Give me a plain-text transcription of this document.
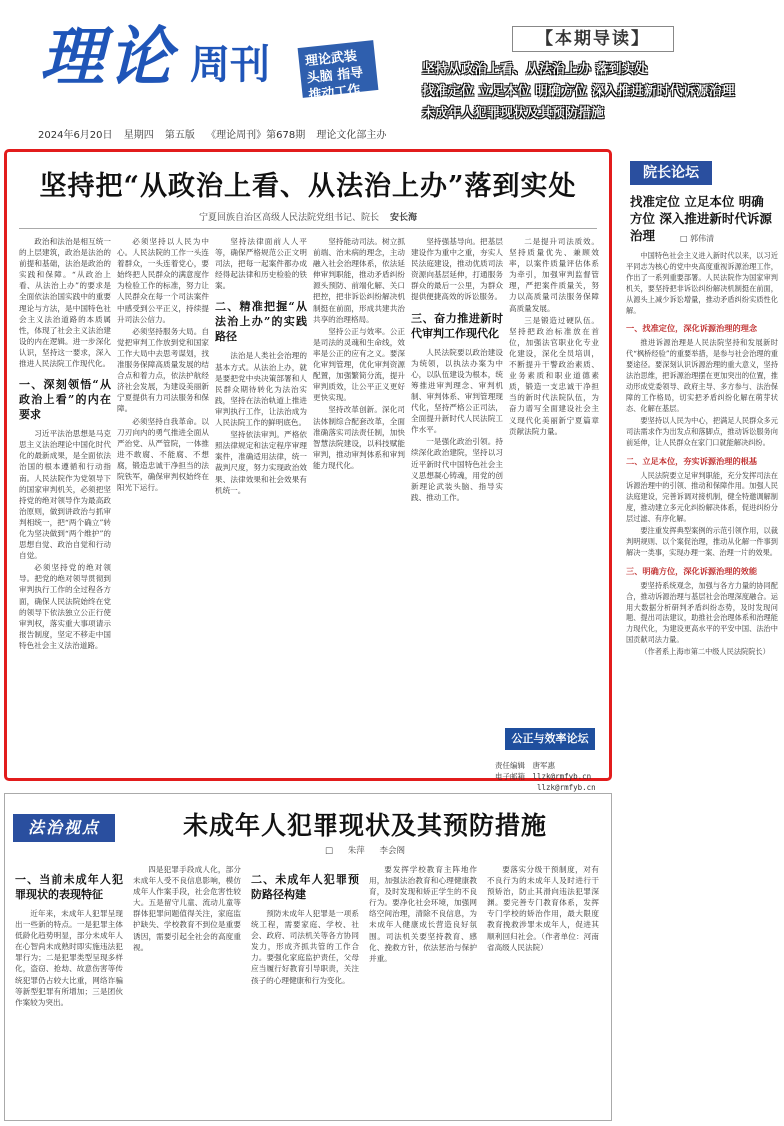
理论 周刊	理论武装头脑 指导推动工作
2024年6月20日 星期四 第五版 《理论周刊》第678期 理论文化部主办
【本期导读】
坚持从政治上看、从法治上办 落到实处
找准定位 立足本位 明确方位 深入推进新时代诉源治理
未成年人犯罪现状及其预防措施
坚持把“从政治上看、从法治上办”落到实处
宁夏回族自治区高级人民法院党组书记、院长 安长海

政治和法治是相互统一的上层建筑，政治是法治的前提和基础，法治是政治的实践和保障。“从政治上看、从法治上办”的要求是全面依法治国实践中的重要理论与方法，是中国特色社会主义法治道路的本质属性，体现了社会主义法治建设的内在逻辑。进一步深化认识，坚持这一要求，深入推进人民法院工作现代化。

一、深刻领悟“从政治上看”的内在要求

习近平法治思想是马克思主义法治理论中国化时代化的最新成果，是全面依法治国的根本遵循和行动指南。人民法院作为党领导下的国家审判机关，必须把坚持党的绝对领导作为最高政治原则，做到讲政治与抓审判相统一，把“两个确立”转化为坚决做到“两个维护”的思想自觉、政治自觉和行动自觉。

必须坚持党的绝对领导。把党的绝对领导贯彻到审判执行工作的全过程各方面，确保人民法院始终在党的领导下依法独立公正行使审判权，落实重大事项请示报告制度，坚定不移走中国特色社会主义法治道路。

必须坚持以人民为中心。人民法院的工作一头连着群众，一头连着党心，要始终把人民群众的满意度作为检验工作的标准，努力让人民群众在每一个司法案件中感受到公平正义，持续提升司法公信力。

必须坚持服务大局。自觉把审判工作放到党和国家工作大局中去思考谋划，找准服务保障高质量发展的结合点和着力点，依法护航经济社会发展，为建设美丽新宁夏提供有力司法服务和保障。

必须坚持自我革命。以刀刃向内的勇气推进全面从严治党、从严管院，一体推进不敢腐、不能腐、不想腐，锻造忠诚干净担当的法院铁军，确保审判权始终在阳光下运行。

坚持法律面前人人平等，确保严格规范公正文明司法，把每一起案件都办成经得起法律和历史检验的铁案。

二、精准把握“从法治上办”的实践路径

法治是人类社会治理的基本方式。从法治上办，就是要把党中央决策部署和人民群众期待转化为法治实践，坚持在法治轨道上推进审判执行工作，让法治成为人民法院工作的鲜明底色。

坚持依法审判。严格依照法律规定和法定程序审理案件，准确适用法律，统一裁判尺度，努力实现政治效果、法律效果和社会效果有机统一。

坚持能动司法。树立抓前端、治未病的理念，主动融入社会治理体系，依法延伸审判职能，推动矛盾纠纷源头预防、前端化解、关口把控，把非诉讼纠纷解决机制挺在前面，形成共建共治共享的治理格局。

坚持公正与效率。公正是司法的灵魂和生命线，效率是公正的应有之义。要深化审判管理，优化审判资源配置，加强繁简分流，提升审判质效，让公平正义更好更快实现。

坚持改革创新。深化司法体制综合配套改革，全面准确落实司法责任制，加快智慧法院建设，以科技赋能审判，推动审判体系和审判能力现代化。

坚持强基导向。把基层建设作为重中之重，夯实人民法庭建设，推动优质司法资源向基层延伸，打通服务群众的最后一公里，为群众提供便捷高效的诉讼服务。

三、奋力推进新时代审判工作现代化

人民法院要以政治建设为统领，以执法办案为中心，以队伍建设为根本，统筹推进审判理念、审判机制、审判体系、审判管理现代化，坚持严格公正司法，全面提升新时代人民法院工作水平。

一是强化政治引领。持续深化政治建院，坚持以习近平新时代中国特色社会主义思想凝心铸魂，用党的创新理论武装头脑、指导实践、推动工作。

二是提升司法质效。坚持质量优先、兼顾效率，以案件质量评估体系为牵引，加强审判监督管理，严把案件质量关，努力以高质量司法服务保障高质量发展。

三是锻造过硬队伍。坚持把政治标准放在首位，加强法官职业化专业化建设，深化全员培训，不断提升干警政治素质、业务素质和职业道德素质，锻造一支忠诚干净担当的新时代法院队伍，为奋力谱写全面建设社会主义现代化美丽新宁夏篇章贡献法院力量。

公正与效率论坛
责任编辑　 唐军惠
电子邮箱　 llzk@rmfyb.cn
llzk@rmfyb.cn
院长论坛
找准定位 立足本位 明确方位 深入推进新时代诉源治理	□ 郭伟清

中国特色社会主义进入新时代以来，以习近平同志为核心的党中央高度重视诉源治理工作，作出了一系列重要部署。人民法院作为国家审判机关，要坚持把非诉讼纠纷解决机制挺在前面，从源头上减少诉讼增量，推动矛盾纠纷实质性化解。

一、找准定位，深化诉源治理的理念

推进诉源治理是人民法院坚持和发展新时代“枫桥经验”的重要举措，是参与社会治理的重要途径。要深刻认识诉源治理的重大意义，坚持法治思维，把诉源治理摆在更加突出的位置，推动形成党委领导、政府主导、多方参与、法治保障的工作格局，切实把矛盾纠纷化解在萌芽状态、化解在基层。

要坚持以人民为中心，把满足人民群众多元司法需求作为出发点和落脚点，推动诉讼服务向前延伸，让人民群众在家门口就能解决纠纷。

二、立足本位，夯实诉源治理的根基

人民法院要立足审判职能，充分发挥司法在诉源治理中的引领、推动和保障作用。加强人民法庭建设，完善诉调对接机制，健全特邀调解制度，推动建立多元化纠纷解决体系，促进纠纷分层过滤、有序化解。

要注重发挥典型案例的示范引领作用，以裁判明规则、以个案促治理，推动从化解一件事到解决一类事，实现办理一案、治理一片的效果。

三、明确方位，深化诉源治理的效能

要坚持系统观念，加强与各方力量的协同配合，推动诉源治理与基层社会治理深度融合。运用大数据分析研判矛盾纠纷态势，及时发现问题、提出司法建议，助推社会治理体系和治理能力现代化，为建设更高水平的平安中国、法治中国贡献司法力量。

（作者系上海市第二中级人民法院院长）

法治视点	未成年人犯罪现状及其预防措施
□ 朱萍 李会阁
一、当前未成年人犯罪现状的表现特征

近年来，未成年人犯罪呈现出一些新的特点。一是犯罪主体低龄化趋势明显，部分未成年人在心智尚未成熟时即实施违法犯罪行为；二是犯罪类型呈现多样化，盗窃、抢劫、故意伤害等传统犯罪仍占较大比重，网络诈骗等新型犯罪有所增加；三是团伙作案较为突出。

四是犯罪手段成人化，部分未成年人受不良信息影响，模仿成年人作案手段，社会危害性较大。五是留守儿童、流动儿童等群体犯罪问题值得关注，家庭监护缺失、学校教育不到位是重要诱因，需要引起全社会的高度重视。

二、未成年人犯罪预防路径构建

预防未成年人犯罪是一项系统工程，需要家庭、学校、社会、政府、司法机关等各方协同发力，形成齐抓共管的工作合力。要强化家庭监护责任，父母应当履行好教育引导职责，关注孩子的心理健康和行为变化。

要发挥学校教育主阵地作用，加强法治教育和心理健康教育，及时发现和矫正学生的不良行为。要净化社会环境，加强网络空间治理，清除不良信息，为未成年人健康成长营造良好氛围。司法机关要坚持教育、感化、挽救方针，依法惩治与保护并重。

要落实分级干预制度，对有不良行为的未成年人及时进行干预矫治，防止其滑向违法犯罪深渊。要完善专门教育体系，发挥专门学校的矫治作用，最大限度教育挽救涉罪未成年人，促进其顺利回归社会。（作者单位：河南省高级人民法院）
